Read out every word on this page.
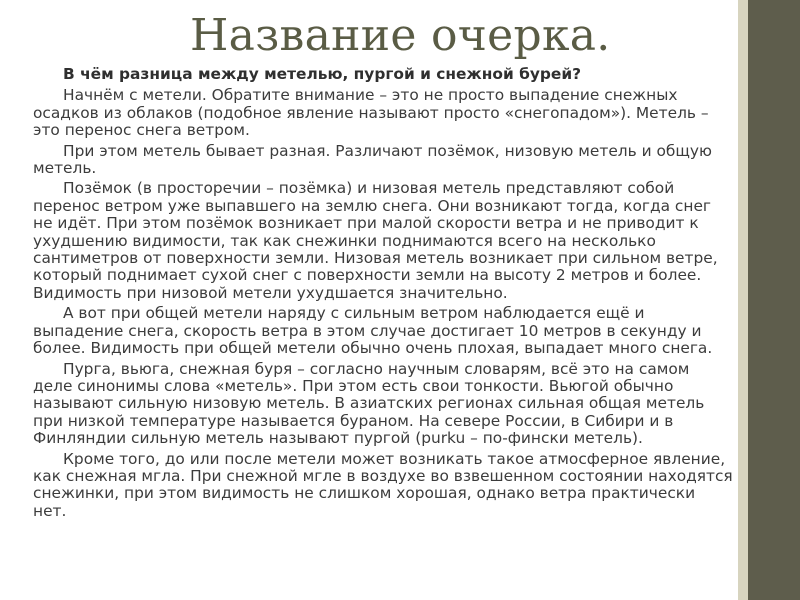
Название очерка.

В чём разница между метелью, пургой и снежной бурей?

Начнём с метели. Обратите внимание – это не просто выпадение снежных осадков из облаков (подобное явление называют просто «снегопадом»). Метель – это перенос снега ветром.

При этом метель бывает разная. Различают позёмок, низовую метель и общую метель.

Позёмок (в просторечии – позёмка) и низовая метель представляют собой перенос ветром уже выпавшего на землю снега. Они возникают тогда, когда снег не идёт. При этом позёмок возникает при малой скорости ветра и не приводит к ухудшению видимости, так как снежинки поднимаются всего на несколько сантиметров от поверхности земли. Низовая метель возникает при сильном ветре, который поднимает сухой снег с поверхности земли на высоту 2 метров и более. Видимость при низовой метели ухудшается значительно.

А вот при общей метели наряду с сильным ветром наблюдается ещё и выпадение снега, скорость ветра в этом случае достигает 10 метров в секунду и более. Видимость при общей метели обычно очень плохая, выпадает много снега.

Пурга, вьюга, снежная буря – согласно научным словарям, всё это на самом деле синонимы слова «метель». При этом есть свои тонкости. Вьюгой обычно называют сильную низовую метель. В азиатских регионах сильная общая метель при низкой температуре называется бураном. На севере России, в Сибири и в Финляндии сильную метель называют пургой (purku – по-фински метель).

Кроме того, до или после метели может возникать такое атмосферное явление, как снежная мгла. При снежной мгле в воздухе во взвешенном состоянии находятся снежинки, при этом видимость не слишком хорошая, однако ветра практически нет.
